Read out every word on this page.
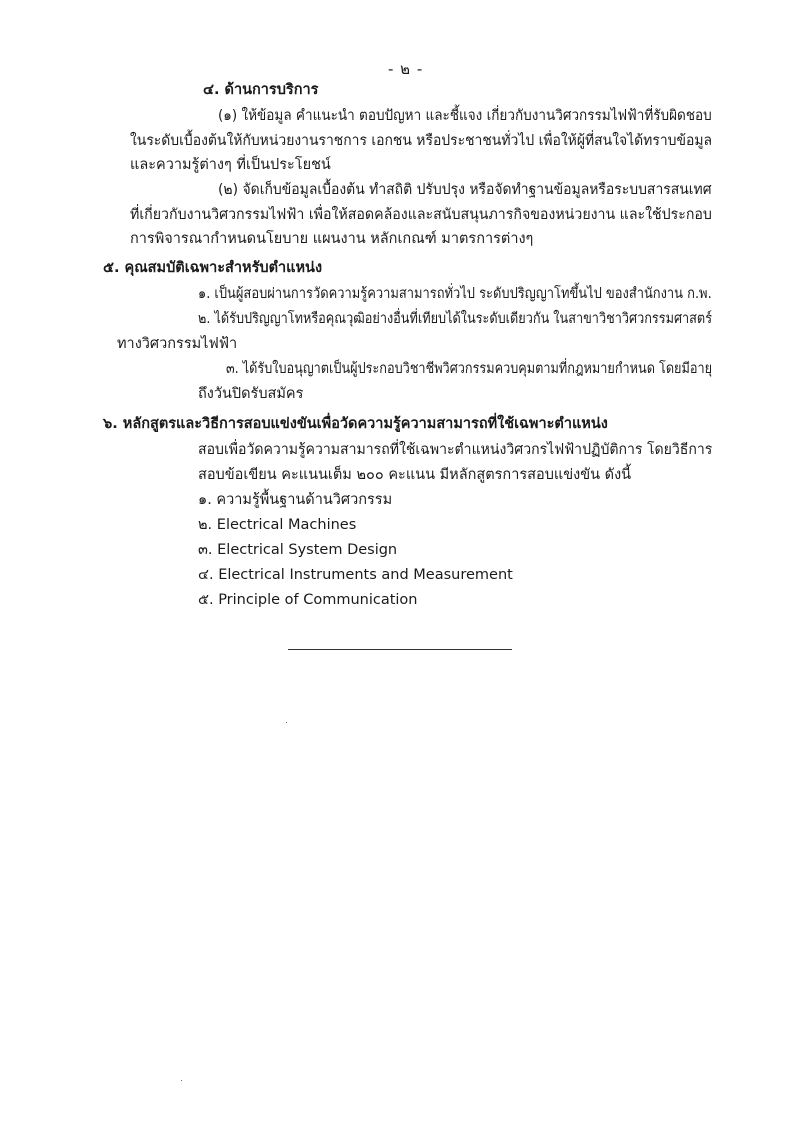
- ๒ -
๔. ด้านการบริการ
(๑) ให้ข้อมูล คำแนะนำ ตอบปัญหา และชี้แจง เกี่ยวกับงานวิศวกรรมไฟฟ้าที่รับผิดชอบ
ในระดับเบื้องต้นให้กับหน่วยงานราชการ เอกชน หรือประชาชนทั่วไป เพื่อให้ผู้ที่สนใจได้ทราบข้อมูล
และความรู้ต่างๆ ที่เป็นประโยชน์
(๒) จัดเก็บข้อมูลเบื้องต้น ทำสถิติ ปรับปรุง หรือจัดทำฐานข้อมูลหรือระบบสารสนเทศ
ที่เกี่ยวกับงานวิศวกรรมไฟฟ้า เพื่อให้สอดคล้องและสนับสนุนภารกิจของหน่วยงาน และใช้ประกอบ
การพิจารณากำหนดนโยบาย แผนงาน หลักเกณฑ์ มาตรการต่างๆ
๕. คุณสมบัติเฉพาะสำหรับตำแหน่ง
๑. เป็นผู้สอบผ่านการวัดความรู้ความสามารถทั่วไป ระดับปริญญาโทขึ้นไป ของสำนักงาน ก.พ.
๒. ได้รับปริญญาโทหรือคุณวุฒิอย่างอื่นที่เทียบได้ในระดับเดียวกัน ในสาขาวิชาวิศวกรรมศาสตร์
ทางวิศวกรรมไฟฟ้า
๓. ได้รับใบอนุญาตเป็นผู้ประกอบวิชาชีพวิศวกรรมควบคุมตามที่กฎหมายกำหนด โดยมีอายุ
ถึงวันปิดรับสมัคร
๖. หลักสูตรและวิธีการสอบแข่งขันเพื่อวัดความรู้ความสามารถที่ใช้เฉพาะตำแหน่ง
สอบเพื่อวัดความรู้ความสามารถที่ใช้เฉพาะตำแหน่งวิศวกรไฟฟ้าปฏิบัติการ โดยวิธีการ
สอบข้อเขียน คะแนนเต็ม ๒๐๐ คะแนน มีหลักสูตรการสอบแข่งขัน ดังนี้
๑. ความรู้พื้นฐานด้านวิศวกรรม
๒. Electrical Machines
๓. Electrical System Design
๔. Electrical Instruments and Measurement
๕. Principle of Communication
